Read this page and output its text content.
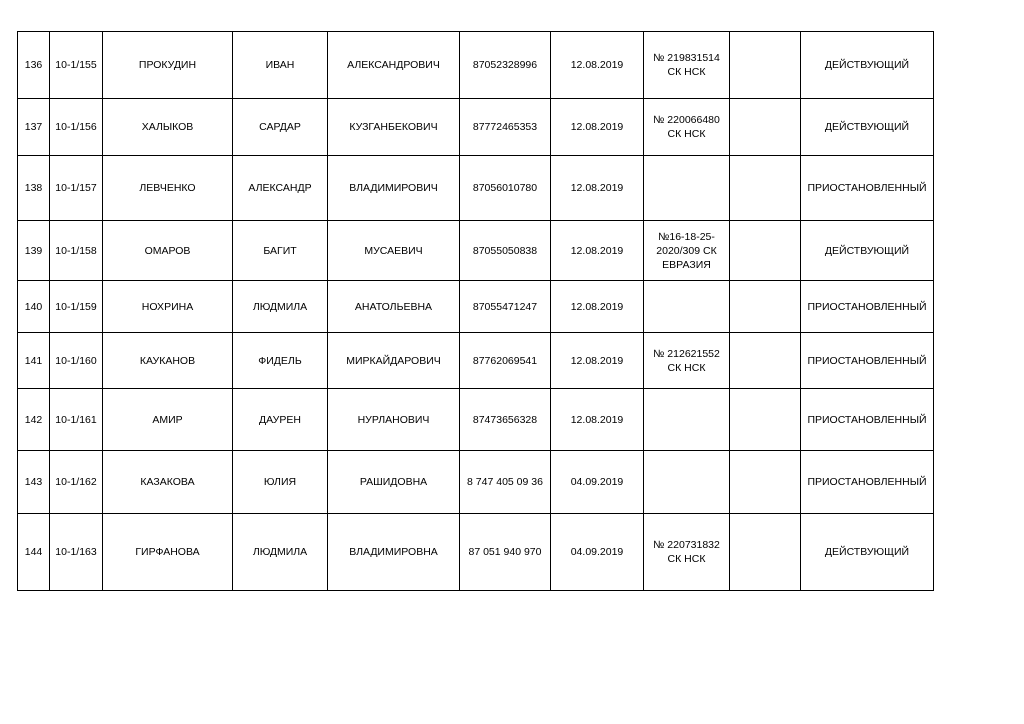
136	10-1/155	ПРОКУДИН	ИВАН	АЛЕКСАНДРОВИЧ	87052328996	12.08.2019	№ 219831514
СК НСК		ДЕЙСТВУЮЩИЙ
137	10-1/156	ХАЛЫКОВ	САРДАР	КУЗГАНБЕКОВИЧ	87772465353	12.08.2019	№ 220066480
СК НСК		ДЕЙСТВУЮЩИЙ
138	10-1/157	ЛЕВЧЕНКО	АЛЕКСАНДР	ВЛАДИМИРОВИЧ	87056010780	12.08.2019			ПРИОСТАНОВЛЕННЫЙ
139	10-1/158	ОМАРОВ	БАГИТ	МУСАЕВИЧ	87055050838	12.08.2019	№16-18-25-
2020/309 СК
ЕВРАЗИЯ		ДЕЙСТВУЮЩИЙ
140	10-1/159	НОХРИНА	ЛЮДМИЛА	АНАТОЛЬЕВНА	87055471247	12.08.2019			ПРИОСТАНОВЛЕННЫЙ
141	10-1/160	КАУКАНОВ	ФИДЕЛЬ	МИРКАЙДАРОВИЧ	87762069541	12.08.2019	№ 212621552
СК НСК		ПРИОСТАНОВЛЕННЫЙ
142	10-1/161	АМИР	ДАУРЕН	НУРЛАНОВИЧ	87473656328	12.08.2019			ПРИОСТАНОВЛЕННЫЙ
143	10-1/162	КАЗАКОВА	ЮЛИЯ	РАШИДОВНА	8 747 405 09 36	04.09.2019			ПРИОСТАНОВЛЕННЫЙ
144	10-1/163	ГИРФАНОВА	ЛЮДМИЛА	ВЛАДИМИРОВНА	87 051 940 970	04.09.2019	№ 220731832
СК НСК		ДЕЙСТВУЮЩИЙ
